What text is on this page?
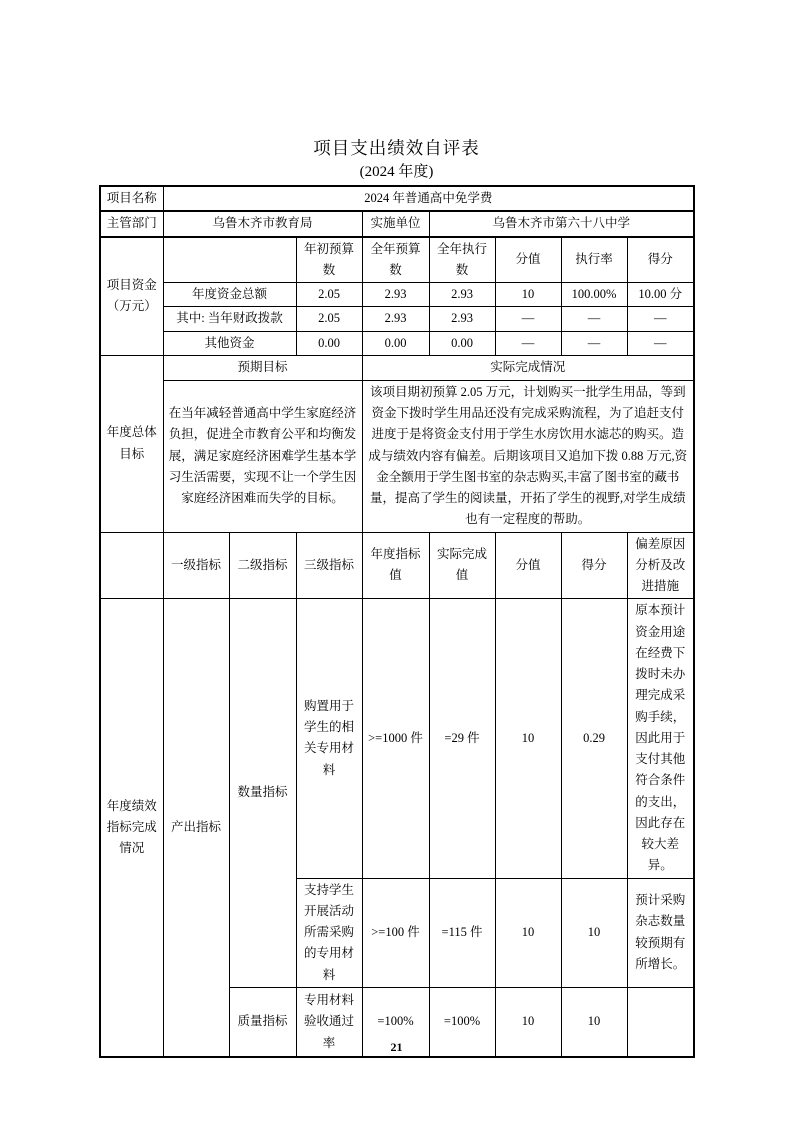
项目支出绩效自评表
(2024 年度)
项目名称	2024 年普通高中免学费							
主管部门	乌鲁木齐市教育局			实施单位	乌鲁木齐市第六十八中学			

项目资金
（万元）			年初预算数	全年预算数	全年执行数	分值	执行率	得分
	年度资金总额		2.05	2.93	2.93	10	100.00%	10.00 分
	其中: 当年财政拨款		2.05	2.93	2.93	—	—	—
	其他资金		0.00	0.00	0.00	—	—	—
年度总体目标	预期目标			实际完成情况				
	在当年减轻普通高中学生家庭经济负担，促进全市教育公平和均衡发展，满足家庭经济困难学生基本学习生活需要，实现不让一个学生因家庭经济困难而失学的目标。			该项目期初预算 2.05 万元，计划购买一批学生用品，等到资金下拨时学生用品还没有完成采购流程，为了追赶支付进度于是将资金支付用于学生水房饮用水滤芯的购买。造成与绩效内容有偏差。后期该项目又追加下拨 0.88 万元,资金全额用于学生图书室的杂志购买,丰富了图书室的藏书量，提高了学生的阅读量，开拓了学生的视野,对学生成绩也有一定程度的帮助。				
	一级指标	二级指标	三级指标	年度指标值	实际完成值	分值	得分	偏差原因分析及改进措施
年度绩效指标完成情况	产出指标	数量指标	购置用于学生的相关专用材料	>=1000 件	=29 件	10	0.29	原本预计资金用途在经费下拨时未办理完成采购手续，因此用于支付其他符合条件的支出，因此存在较大差异。
			支持学生开展活动所需采购的专用材料	>=100 件	=115 件	10	10	预计采购杂志数量较预期有所增长。
		质量指标	专用材料验收通过率	=100%	=100%	10	10	
21
